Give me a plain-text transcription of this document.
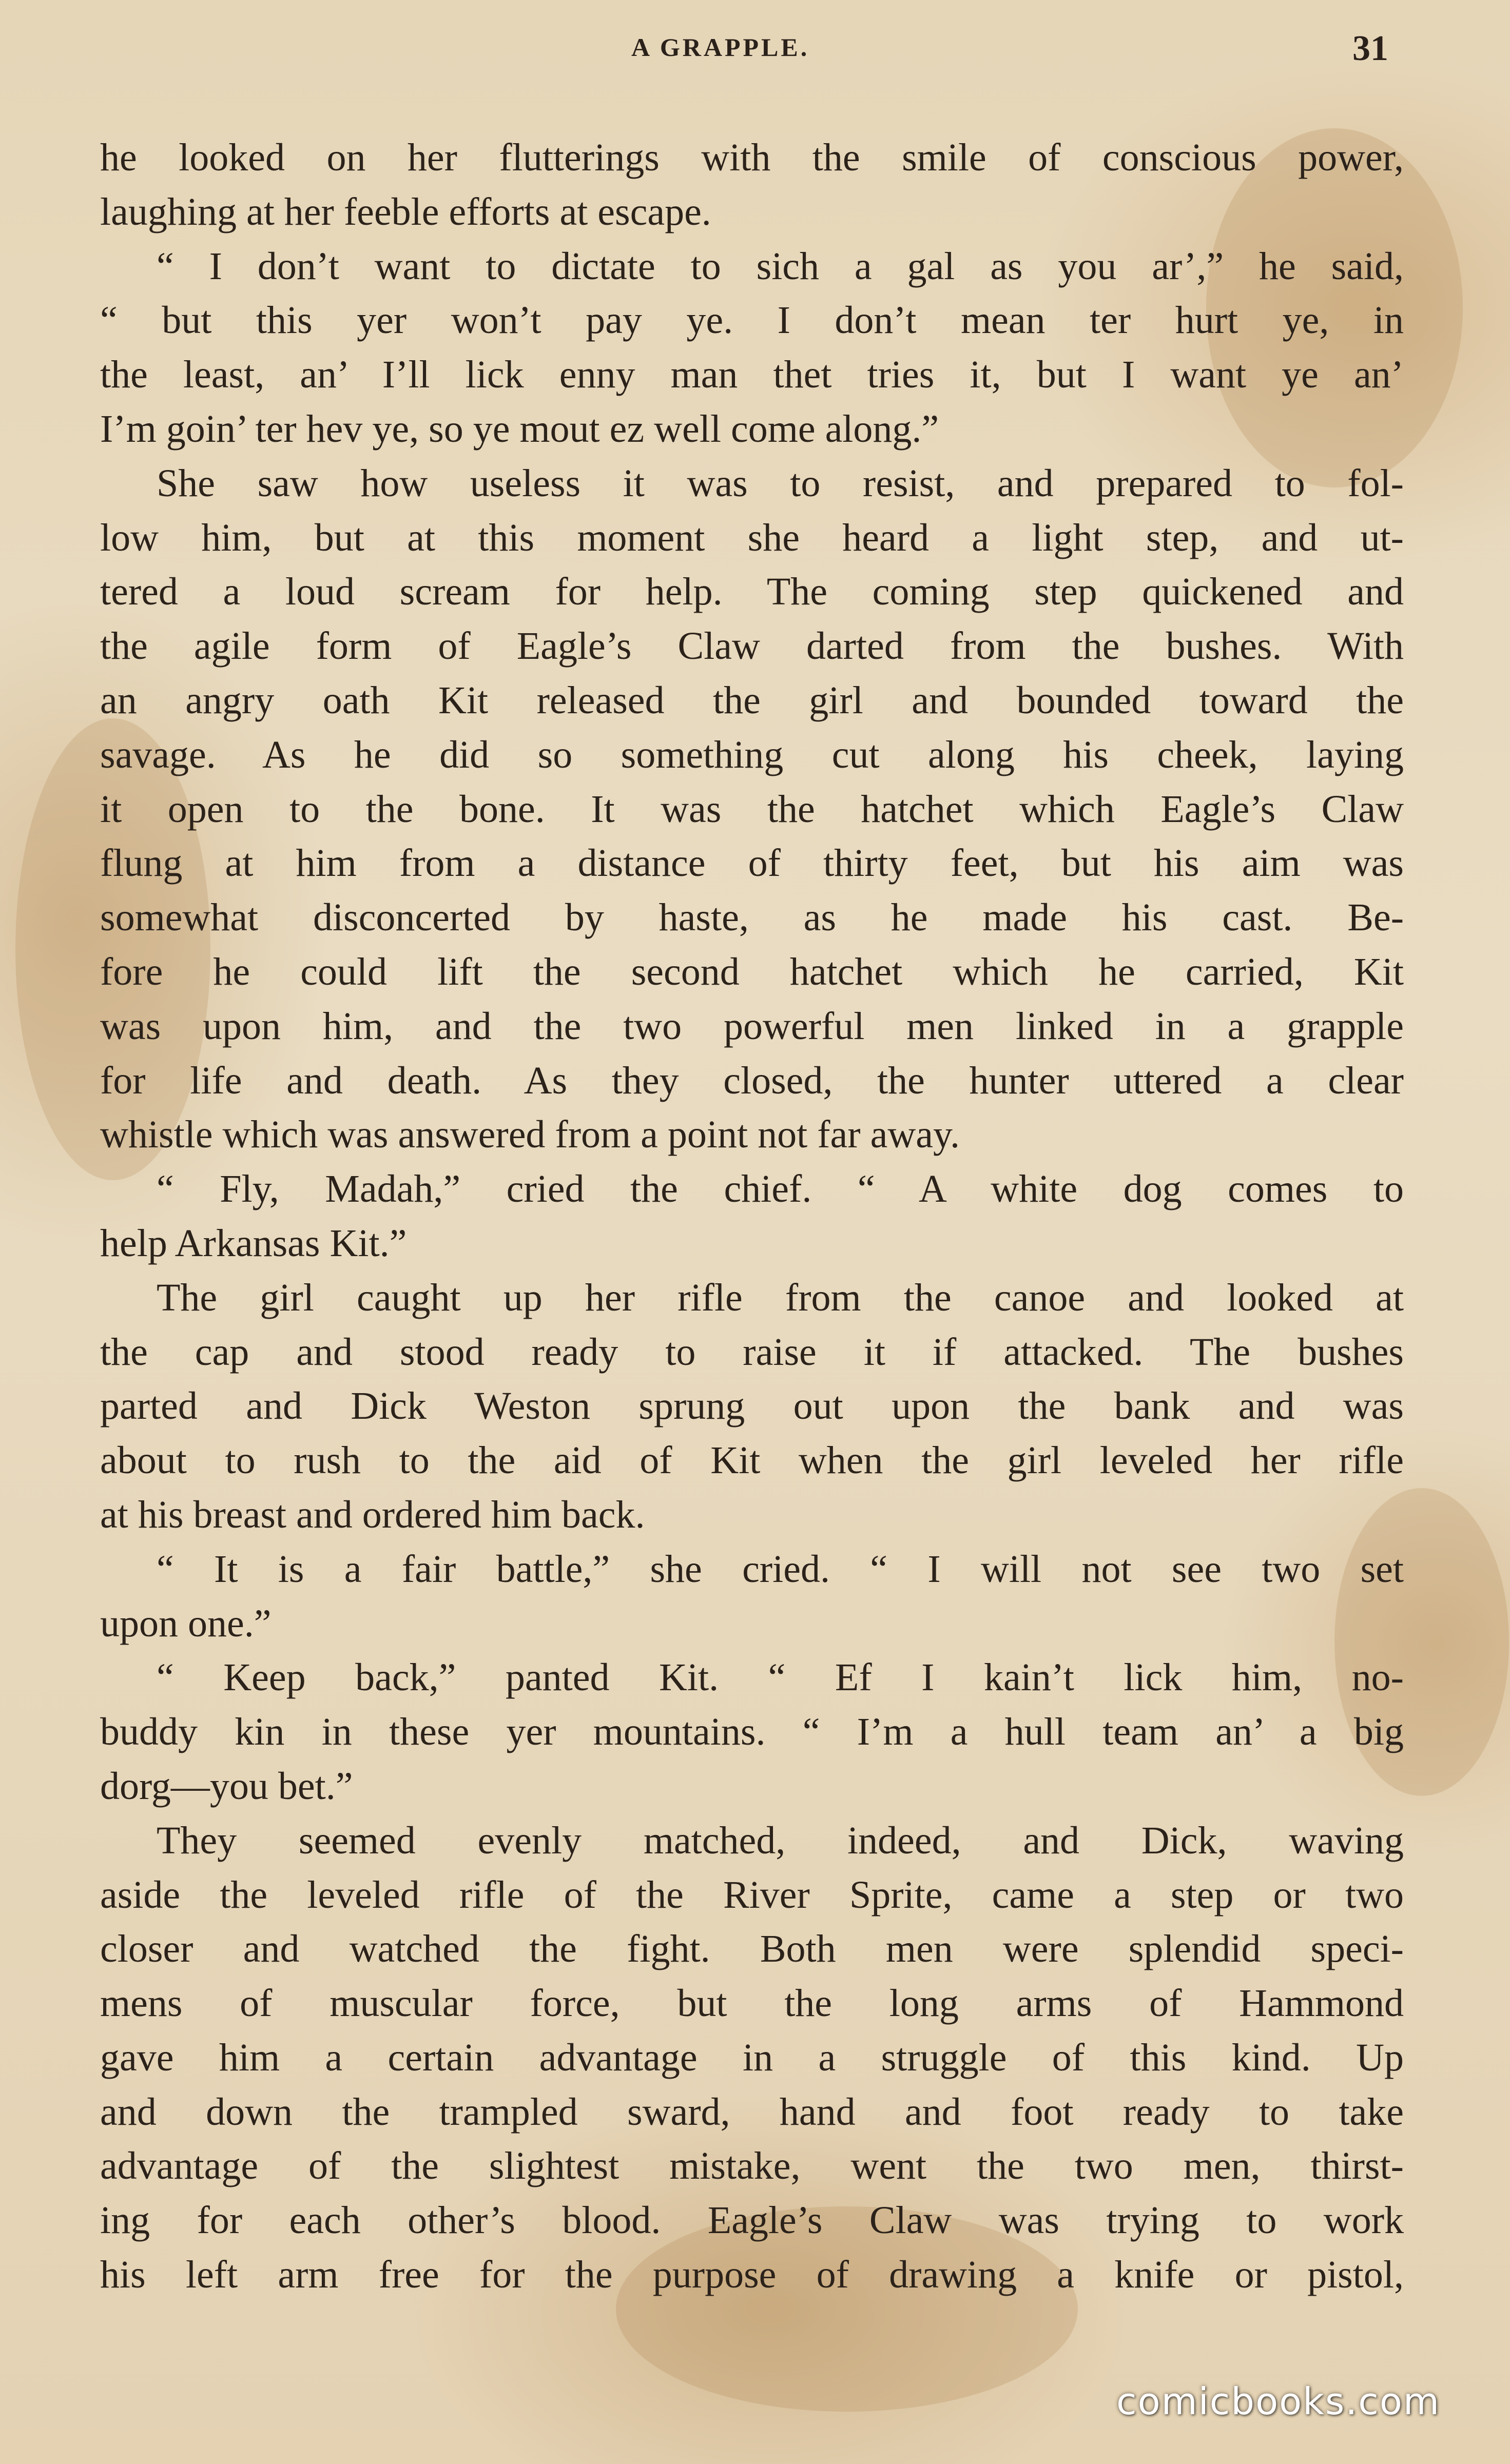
A GRAPPLE.	31
he looked on her flutterings with the smile of conscious power,
laughing at her feeble efforts at escape.
“ I don’t want to dictate to sich a gal as you ar’,” he said,
“ but this yer won’t pay ye. I don’t mean ter hurt ye, in
the least, an’ I’ll lick enny man thet tries it, but I want ye an’
I’m goin’ ter hev ye, so ye mout ez well come along.”
She saw how useless it was to resist, and prepared to fol-
low him, but at this moment she heard a light step, and ut-
tered a loud scream for help. The coming step quickened and
the agile form of Eagle’s Claw darted from the bushes. With
an angry oath Kit released the girl and bounded toward the
savage. As he did so something cut along his cheek, laying
it open to the bone. It was the hatchet which Eagle’s Claw
flung at him from a distance of thirty feet, but his aim was
somewhat disconcerted by haste, as he made his cast. Be-
fore he could lift the second hatchet which he carried, Kit
was upon him, and the two powerful men linked in a grapple
for life and death. As they closed, the hunter uttered a clear
whistle which was answered from a point not far away.
“ Fly, Madah,” cried the chief. “ A white dog comes to
help Arkansas Kit.”
The girl caught up her rifle from the canoe and looked at
the cap and stood ready to raise it if attacked. The bushes
parted and Dick Weston sprung out upon the bank and was
about to rush to the aid of Kit when the girl leveled her rifle
at his breast and ordered him back.
“ It is a fair battle,” she cried. “ I will not see two set
upon one.”
“ Keep back,” panted Kit. “ Ef I kain’t lick him, no-
buddy kin in these yer mountains. “ I’m a hull team an’ a big
dorg—you bet.”
They seemed evenly matched, indeed, and Dick, waving
aside the leveled rifle of the River Sprite, came a step or two
closer and watched the fight. Both men were splendid speci-
mens of muscular force, but the long arms of Hammond
gave him a certain advantage in a struggle of this kind. Up
and down the trampled sward, hand and foot ready to take
advantage of the slightest mistake, went the two men, thirst-
ing for each other’s blood. Eagle’s Claw was trying to work
his left arm free for the purpose of drawing a knife or pistol,
comicbooks.com
